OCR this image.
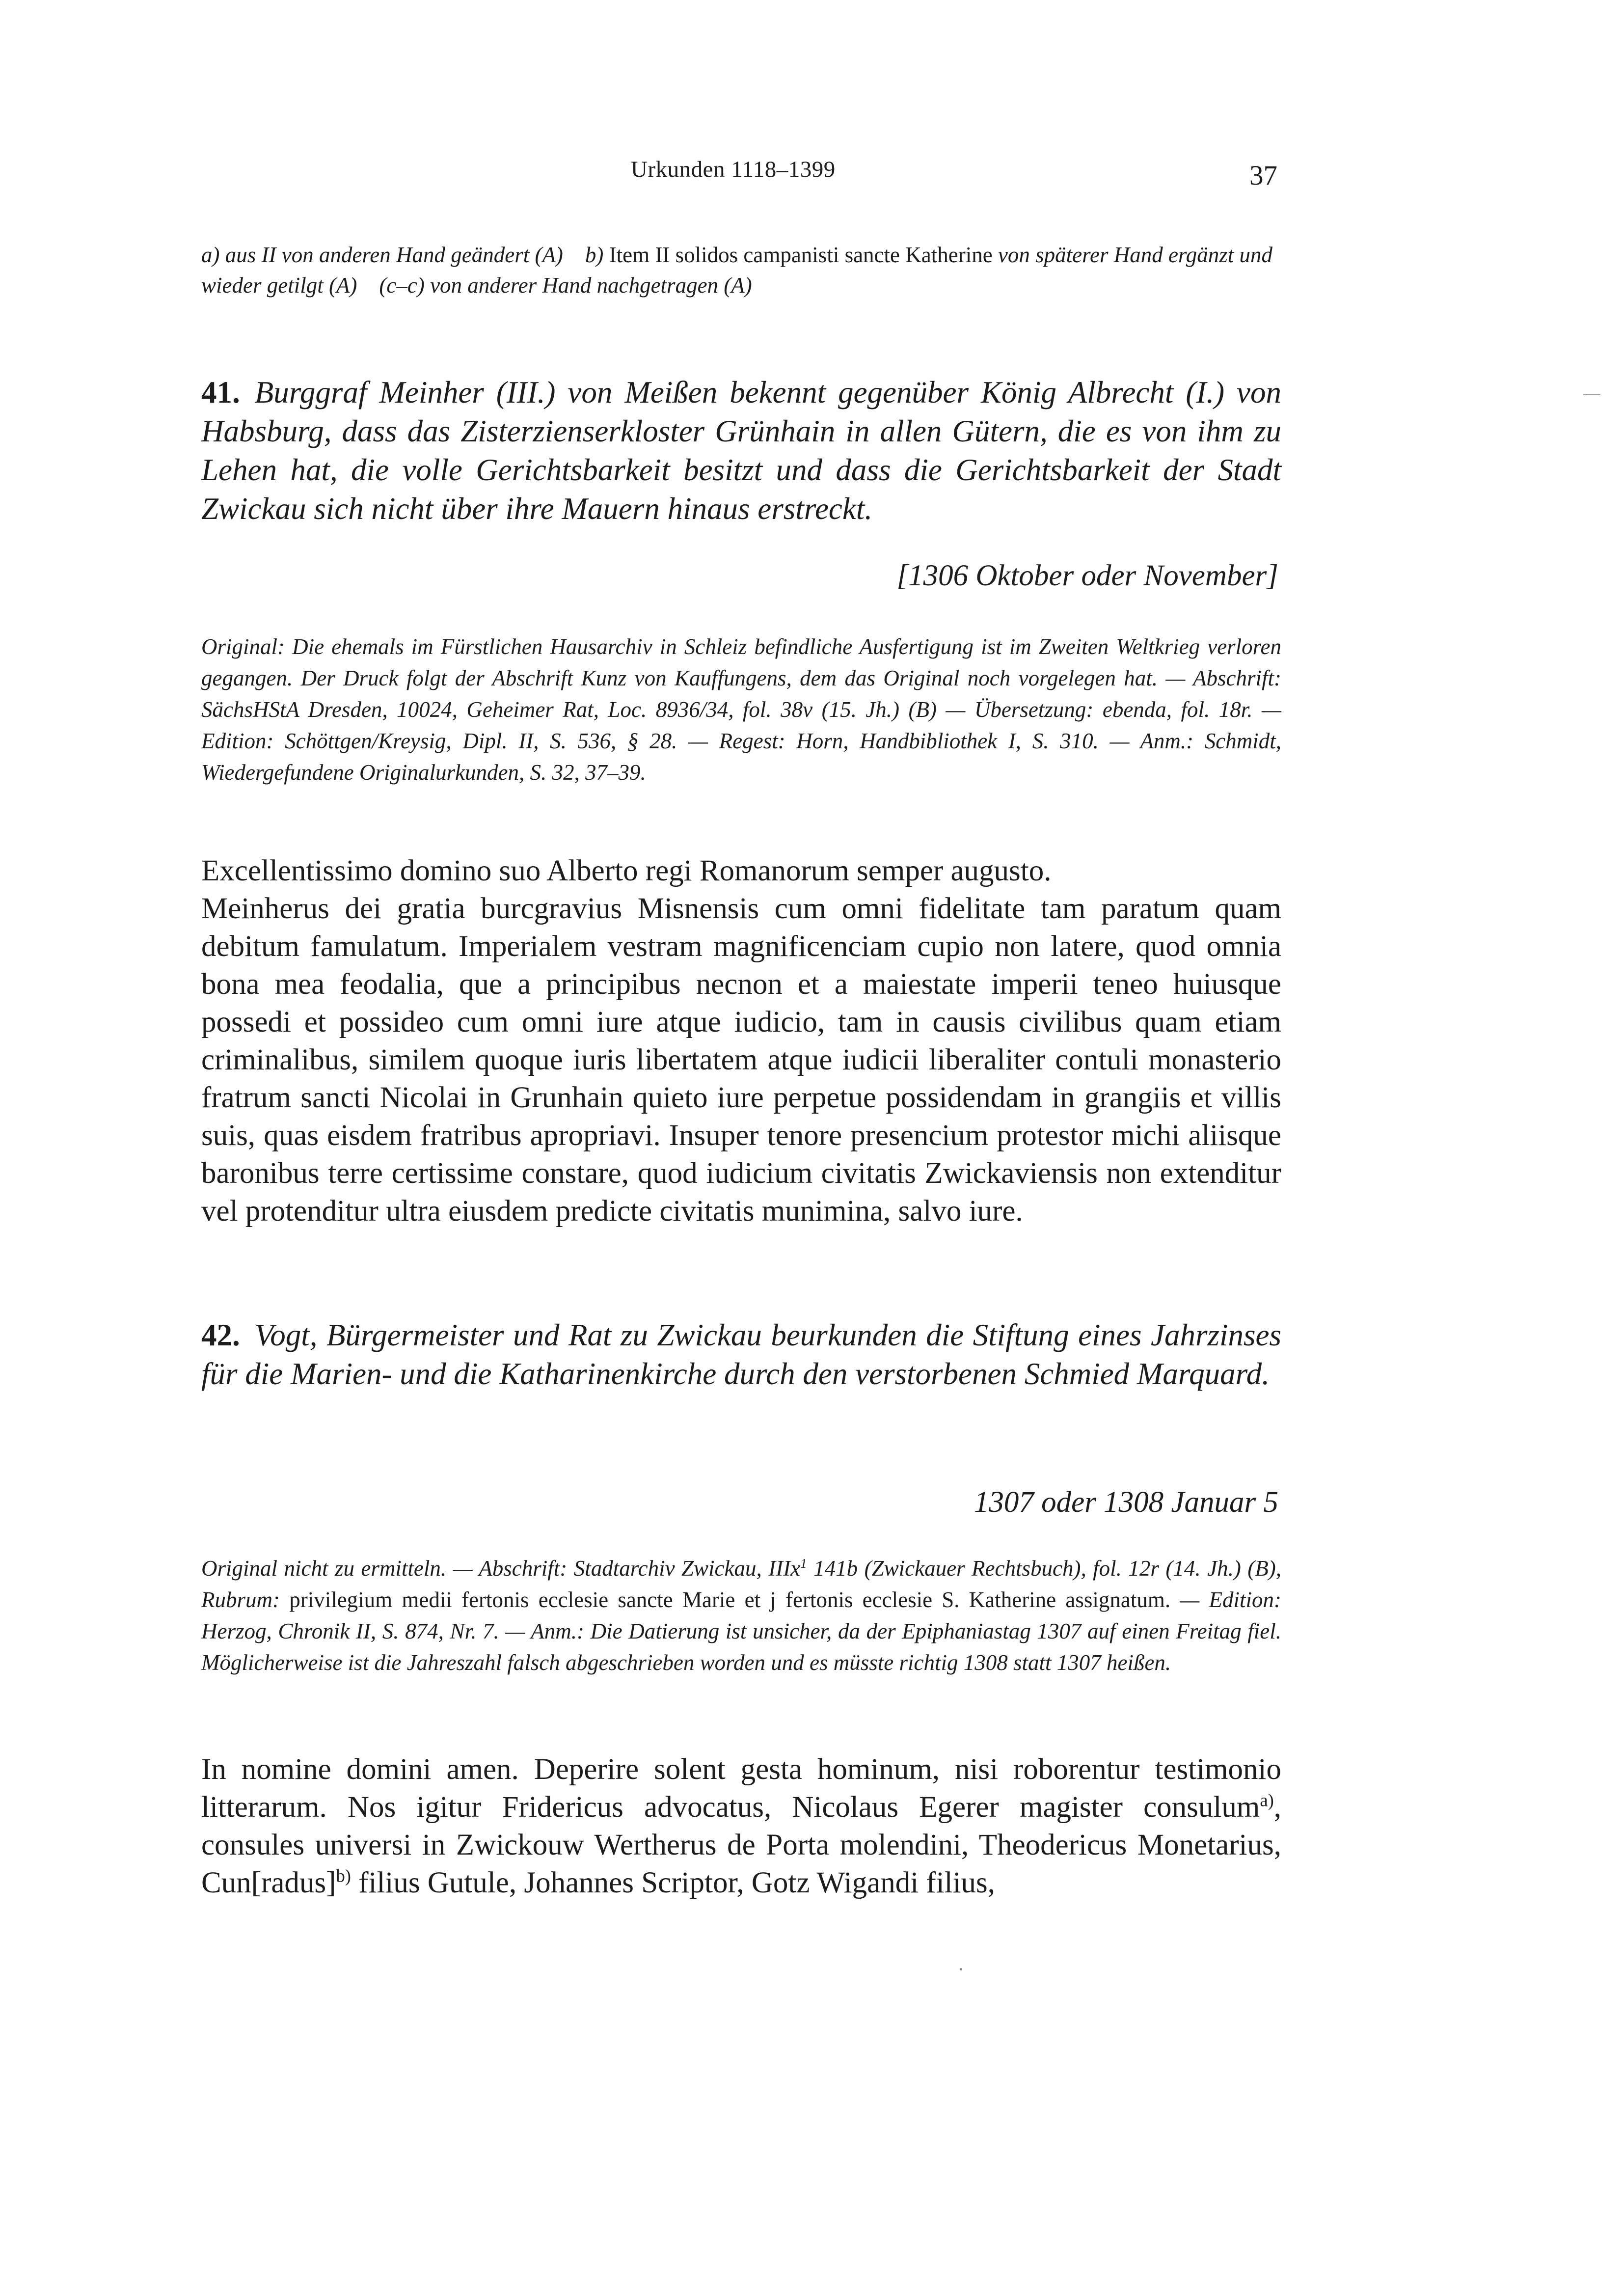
Urkunden 1118–1399	37
a) aus II von anderen Hand geändert (A) b) Item II solidos campanisti sancte Katherine von späterer Hand ergänzt und wieder getilgt (A) (c–c) von anderer Hand nachgetragen (A)
41. Burggraf Meinher (III.) von Meißen bekennt gegenüber König Albrecht (I.) von Habsburg, dass das Zisterzienserkloster Grünhain in allen Gütern, die es von ihm zu Lehen hat, die volle Gerichtsbarkeit besitzt und dass die Gerichtsbarkeit der Stadt Zwickau sich nicht über ihre Mauern hinaus erstreckt.
[1306 Oktober oder November]
Original: Die ehemals im Fürstlichen Hausarchiv in Schleiz befindliche Ausfertigung ist im Zweiten Weltkrieg verloren gegangen. Der Druck folgt der Abschrift Kunz von Kauffungens, dem das Original noch vorgelegen hat. — Abschrift: SächsHStA Dresden, 10024, Geheimer Rat, Loc. 8936/34, fol. 38v (15. Jh.) (B) — Übersetzung: ebenda, fol. 18r. — Edition: Schöttgen/Kreysig, Dipl. II, S. 536, § 28. — Regest: Horn, Handbibliothek I, S. 310. — Anm.: Schmidt, Wiedergefundene Originalurkunden, S. 32, 37–39.

Excellentissimo domino suo Alberto regi Romanorum semper augusto.

Meinherus dei gratia burcgravius Misnensis cum omni fidelitate tam paratum quam debitum famulatum. Imperialem vestram magnificenciam cupio non latere, quod omnia bona mea feodalia, que a principibus necnon et a maiestate imperii teneo huiusque possedi et possideo cum omni iure atque iudicio, tam in causis civilibus quam etiam criminalibus, similem quoque iuris libertatem atque iudicii liberaliter contuli monasterio fratrum sancti Nicolai in Grunhain quieto iure perpetue possidendam in grangiis et villis suis, quas eisdem fratribus apropriavi. Insuper tenore presencium protestor michi aliisque baronibus terre certissime constare, quod iudicium civitatis Zwickaviensis non extenditur vel protenditur ultra eiusdem predicte civitatis munimina, salvo iure.

42. Vogt, Bürgermeister und Rat zu Zwickau beurkunden die Stiftung eines Jahrzinses für die Marien- und die Katharinenkirche durch den verstorbenen Schmied Marquard.
1307 oder 1308 Januar 5
Original nicht zu ermitteln. — Abschrift: Stadtarchiv Zwickau, IIIx$^1$ 141b (Zwickauer Rechtsbuch), fol. 12r (14. Jh.) (B), Rubrum: privilegium medii fertonis ecclesie sancte Marie et j fertonis ecclesie S. Katherine assignatum. — Edition: Herzog, Chronik II, S. 874, Nr. 7. — Anm.: Die Datierung ist unsicher, da der Epiphaniastag 1307 auf einen Freitag fiel. Möglicherweise ist die Jahreszahl falsch abgeschrieben worden und es müsste richtig 1308 statt 1307 heißen.

In nomine domini amen. Deperire solent gesta hominum, nisi roborentur testimonio litterarum. Nos igitur Fridericus advocatus, Nicolaus Egerer magister consulum$^{a)}$, consules universi in Zwickouw Wertherus de Porta molendini, Theodericus Monetarius, Cun[radus]$^{b)}$ filius Gutule, Johannes Scriptor, Gotz Wigandi filius,
